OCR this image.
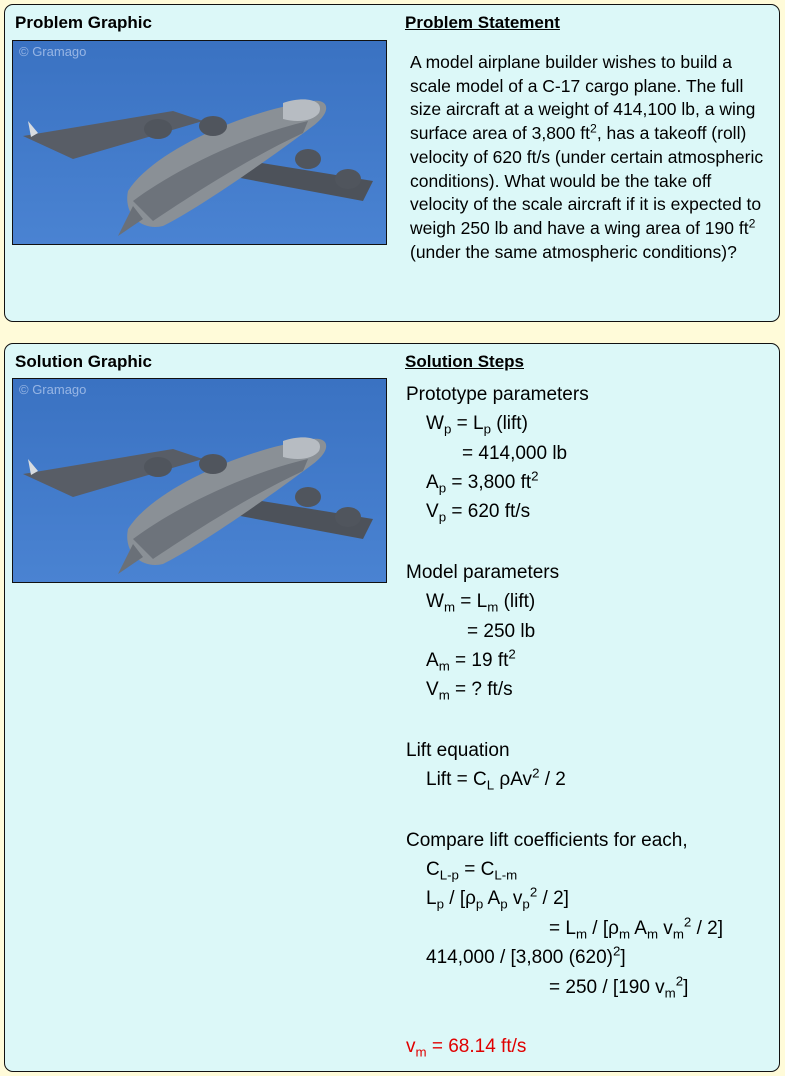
Problem Graphic	Problem Statement
© Gramago
A model airplane builder wishes to build a scale model of a C-17 cargo plane. The full size aircraft at a weight of 414,100 lb, a wing surface area of 3,800 $ft^2$, has a takeoff (roll) velocity of 620 ft/s (under certain atmospheric conditions). What would be the take off velocity of the scale aircraft if it is expected to weigh 250 lb and have a wing area of 190 $ft^2$ (under the same atmospheric conditions)?
Solution Graphic	Solution Steps
© Gramago	Prototype parameters
$W_p = L_p$ (lift)
= 414,000 lb
$A_p = 3,800$ $ft^2$
$V_p = 620$ ft/s
Model parameters
$W_m = L_m$ (lift)
= 250 lb
$A_m = 19$ $ft^2$
$V_m$ = ? ft/s
Lift equation
Lift = $C_L$ ρAv$^2$ / 2
Compare lift coefficients for each,
$C_{L-p} = C_{L-m}$
$L_p / [\rho_p$ $A_p$ $v_p^2 / 2$]
= $L_m / [\rho_m$ $A_m$ $v_m^2 / 2$]
414,000 / [3,800 $(620)^2$]
= 250 / [190 $v_m^2$]
$v_m = 68.14$ ft/s
